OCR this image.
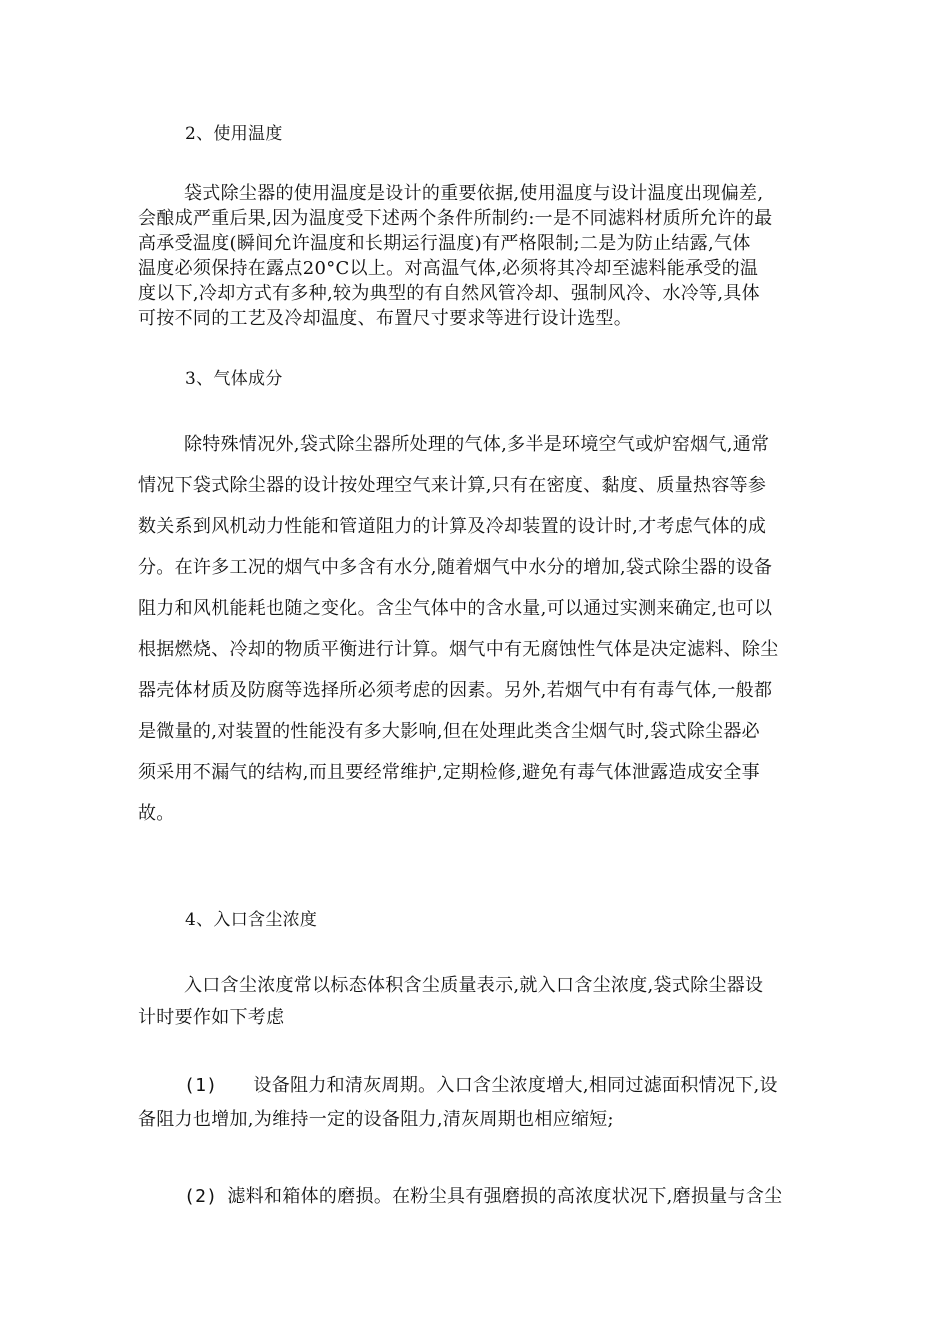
2、使用温度
袋式除尘器的使用温度是设计的重要依据,使用温度与设计温度出现偏差,
会酿成严重后果,因为温度受下述两个条件所制约:一是不同滤料材质所允许的最
高承受温度(瞬间允许温度和长期运行温度)有严格限制;二是为防止结露,气体
温度必须保持在露点20°C以上。对高温气体,必须将其冷却至滤料能承受的温
度以下,冷却方式有多种,较为典型的有自然风管冷却、强制风冷、水冷等,具体
可按不同的工艺及冷却温度、布置尺寸要求等进行设计选型。
3、气体成分
除特殊情况外,袋式除尘器所处理的气体,多半是环境空气或炉窑烟气,通常
情况下袋式除尘器的设计按处理空气来计算,只有在密度、黏度、质量热容等参
数关系到风机动力性能和管道阻力的计算及冷却装置的设计时,才考虑气体的成
分。在许多工况的烟气中多含有水分,随着烟气中水分的增加,袋式除尘器的设备
阻力和风机能耗也随之变化。含尘气体中的含水量,可以通过实测来确定,也可以
根据燃烧、冷却的物质平衡进行计算。烟气中有无腐蚀性气体是决定滤料、除尘
器壳体材质及防腐等选择所必须考虑的因素。另外,若烟气中有有毒气体,一般都
是微量的,对装置的性能没有多大影响,但在处理此类含尘烟气时,袋式除尘器必
须采用不漏气的结构,而且要经常维护,定期检修,避免有毒气体泄露造成安全事
故。
4、入口含尘浓度
入口含尘浓度常以标态体积含尘质量表示,就入口含尘浓度,袋式除尘器设
计时要作如下考虑
(1) 设备阻力和清灰周期。入口含尘浓度增大,相同过滤面积情况下,设
备阻力也增加,为维持一定的设备阻力,清灰周期也相应缩短;
(2) 滤料和箱体的磨损。在粉尘具有强磨损的高浓度状况下,磨损量与含尘
